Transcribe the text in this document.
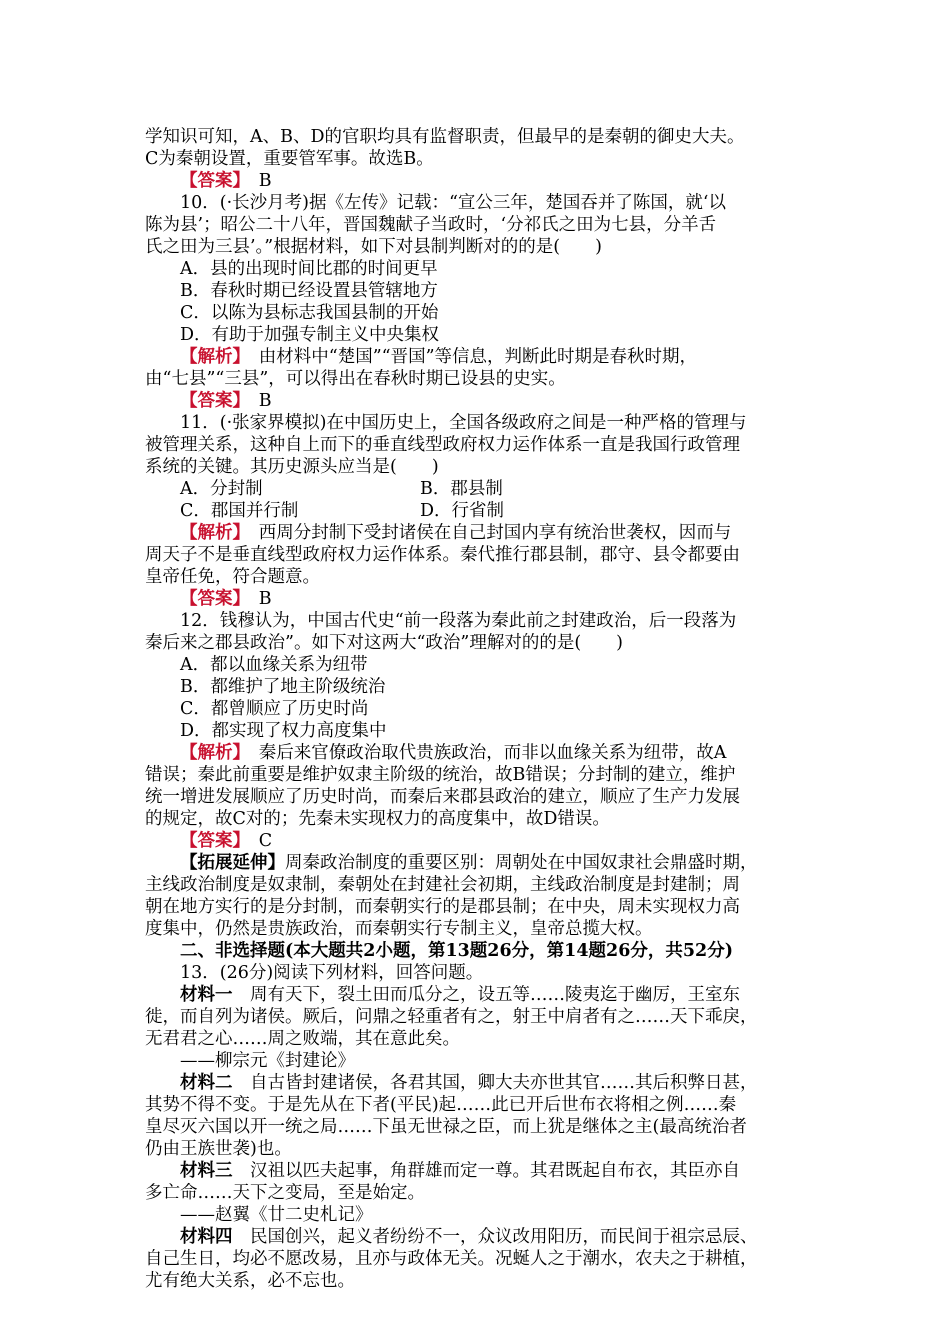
学知识可知，A、B、D的官职均具有监督职责，但最早的是秦朝的御史大夫。
C为秦朝设置，重要管军事。故选B。
【答案】　B
10．(·长沙月考)据《左传》记载：“宣公三年，楚国吞并了陈国，就‘以
陈为县’；昭公二十八年，晋国魏献子当政时，‘分祁氏之田为七县，分羊舌
氏之田为三县’。”根据材料，如下对县制判断对的的是(　　)
A．县的出现时间比郡的时间更早
B．春秋时期已经设置县管辖地方
C．以陈为县标志我国县制的开始
D．有助于加强专制主义中央集权
【解析】　由材料中“楚国”“晋国”等信息，判断此时期是春秋时期，
由“七县”“三县”，可以得出在春秋时期已设县的史实。
【答案】　B
11．(·张家界模拟)在中国历史上，全国各级政府之间是一种严格的管理与
被管理关系，这种自上而下的垂直线型政府权力运作体系一直是我国行政管理
系统的关键。其历史源头应当是(　　)
A．分封制	B．郡县制
C．郡国并行制	D．行省制
【解析】　西周分封制下受封诸侯在自己封国内享有统治世袭权，因而与
周天子不是垂直线型政府权力运作体系。秦代推行郡县制，郡守、县令都要由
皇帝任免，符合题意。
【答案】　B
12．钱穆认为，中国古代史“前一段落为秦此前之封建政治，后一段落为
秦后来之郡县政治”。如下对这两大“政治”理解对的的是(　　)
A．都以血缘关系为纽带
B．都维护了地主阶级统治
C．都曾顺应了历史时尚
D．都实现了权力高度集中
【解析】　秦后来官僚政治取代贵族政治，而非以血缘关系为纽带，故A
错误；秦此前重要是维护奴隶主阶级的统治，故B错误；分封制的建立，维护
统一增进发展顺应了历史时尚，而秦后来郡县政治的建立，顺应了生产力发展
的规定，故C对的；先秦未实现权力的高度集中，故D错误。
【答案】　C
【拓展延伸】周秦政治制度的重要区别：周朝处在中国奴隶社会鼎盛时期，
主线政治制度是奴隶制，秦朝处在封建社会初期，主线政治制度是封建制；周
朝在地方实行的是分封制，而秦朝实行的是郡县制；在中央，周未实现权力高
度集中，仍然是贵族政治，而秦朝实行专制主义，皇帝总揽大权。
二、非选择题(本大题共2小题，第13题26分，第14题26分，共52分)
13．(26分)阅读下列材料，回答问题。
材料一　周有天下，裂土田而瓜分之，设五等……陵夷迄于幽厉，王室东
徙，而自列为诸侯。厥后，问鼎之轻重者有之，射王中肩者有之……天下乖戾，
无君君之心……周之败端，其在意此矣。
——柳宗元《封建论》
材料二　自古皆封建诸侯，各君其国，卿大夫亦世其官……其后积弊日甚，
其势不得不变。于是先从在下者(平民)起……此已开后世布衣将相之例……秦
皇尽灭六国以开一统之局……下虽无世禄之臣，而上犹是继体之主(最高统治者
仍由王族世袭)也。
材料三　汉祖以匹夫起事，角群雄而定一尊。其君既起自布衣，其臣亦自
多亡命……天下之变局，至是始定。
——赵翼《廿二史札记》
材料四　民国创兴，起义者纷纷不一，众议改用阳历，而民间于祖宗忌辰、
自己生日，均必不愿改易，且亦与政体无关。况蜒人之于潮水，农夫之于耕植，
尤有绝大关系，必不忘也。
